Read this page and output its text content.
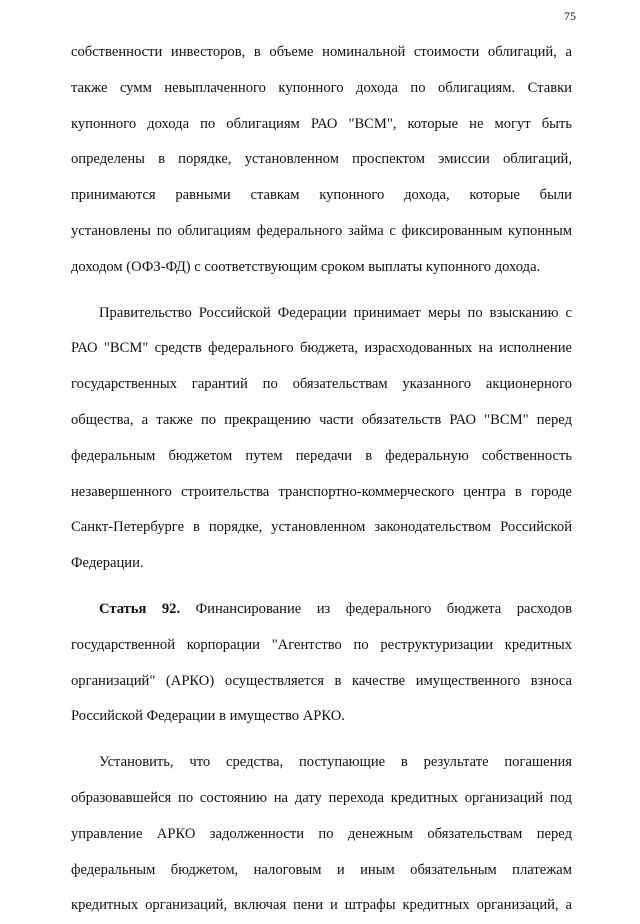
75
собственности инвесторов, в объеме номинальной стоимости облигаций, а
также сумм невыплаченного купонного дохода по облигациям. Ставки
купонного дохода по облигациям РАО "ВСМ", которые не могут быть
определены в порядке, установленном проспектом эмиссии облигаций,
принимаются равными ставкам купонного дохода, которые были
установлены по облигациям федерального займа с фиксированным купонным
доходом (ОФЗ-ФД) с соответствующим сроком выплаты купонного дохода.
Правительство Российской Федерации принимает меры по взысканию с
РАО "ВСМ" средств федерального бюджета, израсходованных на исполнение
государственных гарантий по обязательствам указанного акционерного
общества, а также по прекращению части обязательств РАО "ВСМ" перед
федеральным бюджетом путем передачи в федеральную собственность
незавершенного строительства транспортно-коммерческого центра в городе
Санкт-Петербурге в порядке, установленном законодательством Российской
Федерации.
Статья 92. Финансирование из федерального бюджета расходов
государственной корпорации "Агентство по реструктуризации кредитных
организаций" (АРКО) осуществляется в качестве имущественного взноса
Российской Федерации в имущество АРКО.
Установить, что средства, поступающие в результате погашения
образовавшейся по состоянию на дату перехода кредитных организаций под
управление АРКО задолженности по денежным обязательствам перед
федеральным бюджетом, налоговым и иным обязательным платежам
кредитных организаций, включая пени и штрафы кредитных организаций, а
